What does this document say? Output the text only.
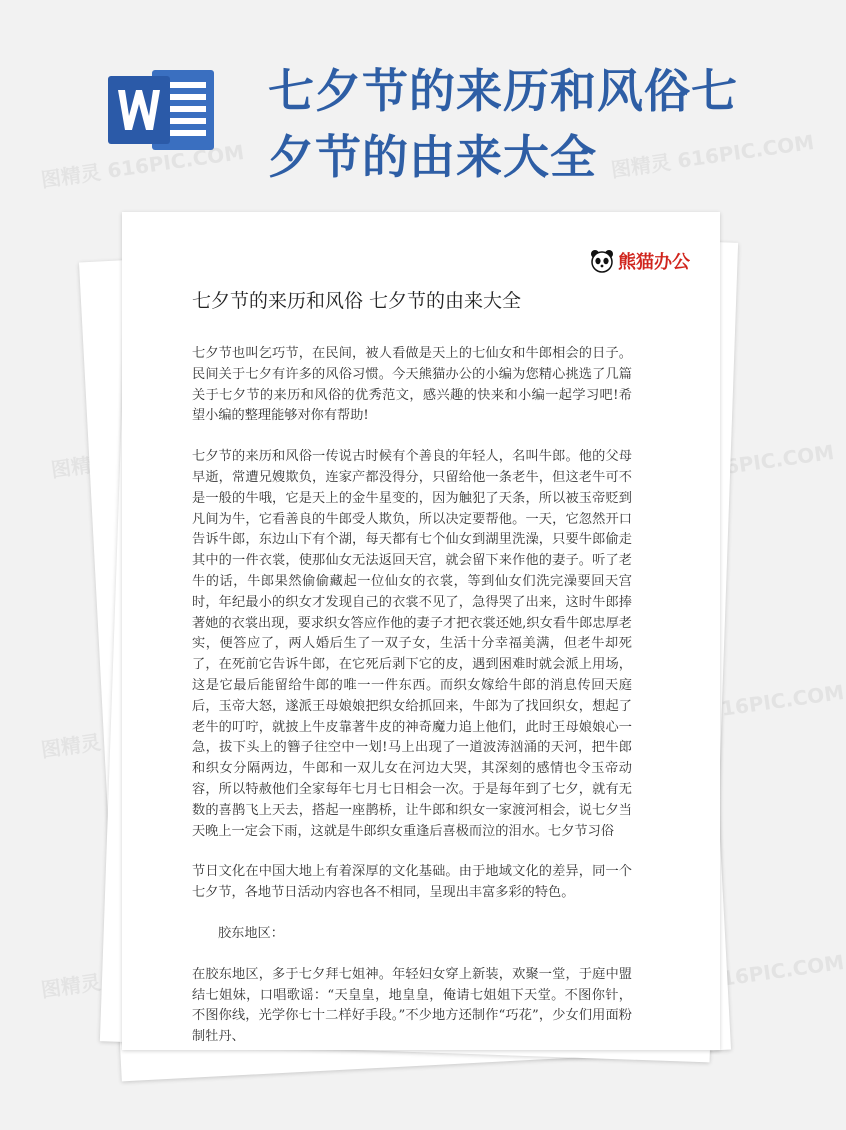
七夕节的来历和风俗七夕节的由来大全
图精灵 616PIC.COM	图精灵 616PIC.COM
图精灵	图精灵 616PIC.COM
图精灵
图精灵 616PIC.COM
图精灵	图精灵 616PIC.COM
熊猫办公
七夕节的来历和风俗 七夕节的由来大全

七夕节也叫乞巧节，在民间，被人看做是天上的七仙女和牛郎相会的日子。民间关于七夕有许多的风俗习惯。今天熊猫办公的小编为您精心挑选了几篇关于七夕节的来历和风俗的优秀范文，感兴趣的快来和小编一起学习吧!希望小编的整理能够对你有帮助!

七夕节的来历和风俗一传说古时候有个善良的年轻人，名叫牛郎。他的父母早逝，常遭兄嫂欺负，连家产都没得分，只留给他一条老牛，但这老牛可不是一般的牛哦，它是天上的金牛星变的，因为触犯了天条，所以被玉帝贬到凡间为牛，它看善良的牛郎受人欺负，所以决定要帮他。一天，它忽然开口告诉牛郎，东边山下有个湖，每天都有七个仙女到湖里洗澡，只要牛郎偷走其中的一件衣裳，使那仙女无法返回天宫，就会留下来作他的妻子。听了老牛的话，牛郎果然偷偷藏起一位仙女的衣裳，等到仙女们洗完澡要回天宫时，年纪最小的织女才发现自己的衣裳不见了，急得哭了出来，这时牛郎捧著她的衣裳出现，要求织女答应作他的妻子才把衣裳还她,织女看牛郎忠厚老实，便答应了，两人婚后生了一双子女，生活十分幸福美满，但老牛却死了，在死前它告诉牛郎，在它死后剥下它的皮，遇到困难时就会派上用场，这是它最后能留给牛郎的唯一一件东西。而织女嫁给牛郎的消息传回天庭后，玉帝大怒，遂派王母娘娘把织女给抓回来，牛郎为了找回织女，想起了老牛的叮咛，就披上牛皮靠著牛皮的神奇魔力追上他们，此时王母娘娘心一急，拔下头上的簪子往空中一划!马上出现了一道波涛汹涌的天河，把牛郎和织女分隔两边，牛郎和一双儿女在河边大哭，其深刻的感情也令玉帝动容，所以特赦他们全家每年七月七日相会一次。于是每年到了七夕，就有无数的喜鹊飞上天去，搭起一座鹊桥，让牛郎和织女一家渡河相会，说七夕当天晚上一定会下雨，这就是牛郎织女重逢后喜极而泣的泪水。七夕节习俗

节日文化在中国大地上有着深厚的文化基础。由于地域文化的差异，同一个七夕节，各地节日活动内容也各不相同，呈现出丰富多彩的特色。

胶东地区：

在胶东地区，多于七夕拜七姐神。年轻妇女穿上新装，欢聚一堂，于庭中盟结七姐妹，口唱歌谣：“天皇皇，地皇皇，俺请七姐姐下天堂。不图你针，不图你线，光学你七十二样好手段。”不少地方还制作“巧花”，少女们用面粉制牡丹、
